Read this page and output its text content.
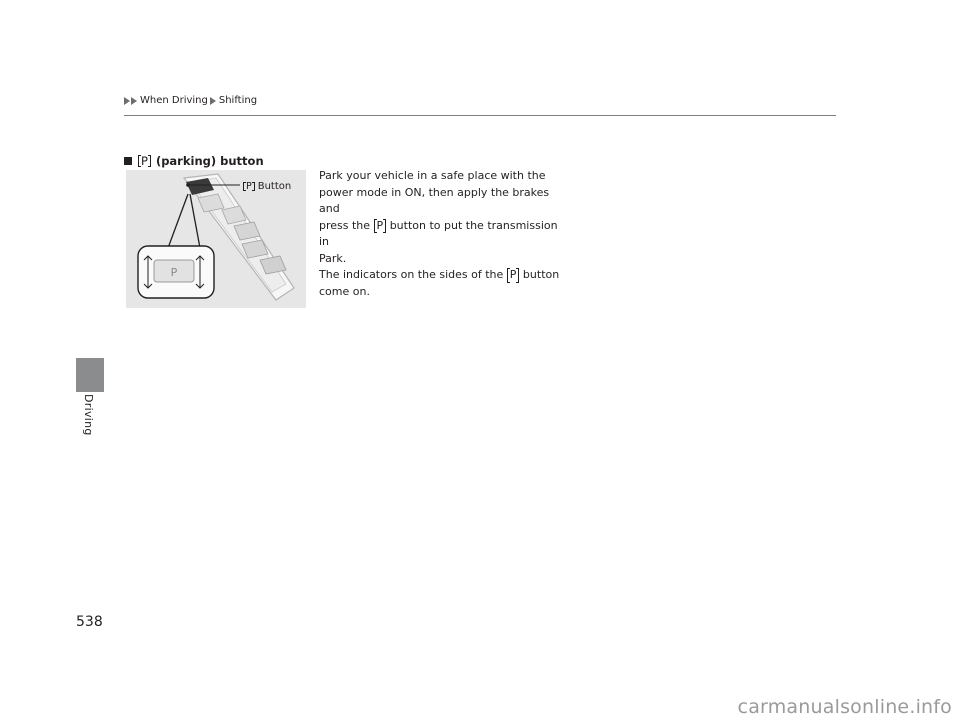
When Driving Shifting
Driving
538
P (parking) button
P
P Button

Park your vehicle in a safe place with the

power mode in ON, then apply the brakes and

press the P button to put the transmission in

Park.

The indicators on the sides of the P button

come on.

carmanualsonline.info
